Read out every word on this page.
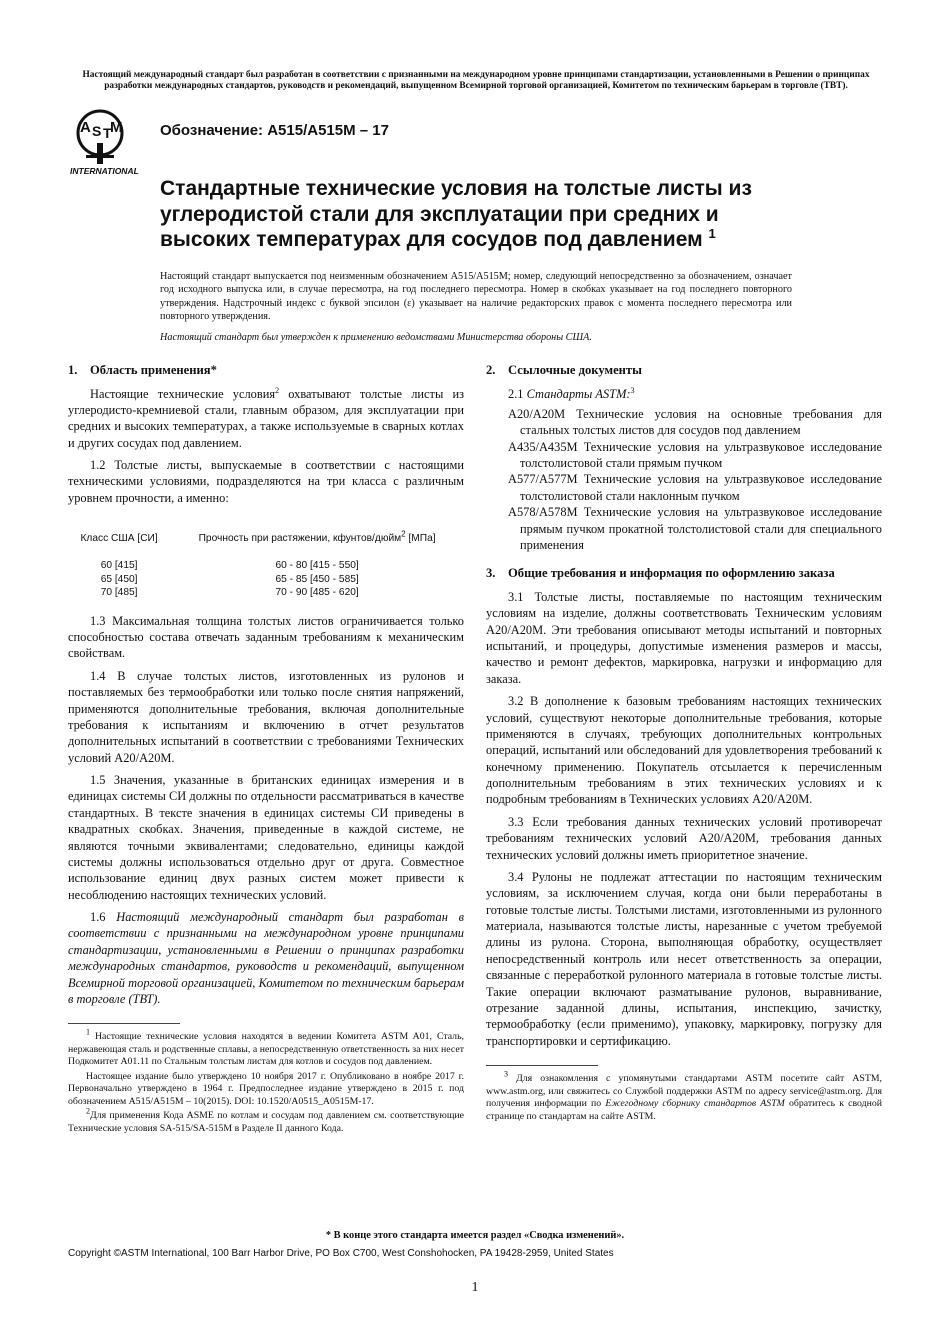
Настоящий международный стандарт был разработан в соответствии с признанными на международном уровне принципами стандартизации, установленными в Решении о принципах разработки международных стандартов, руководств и рекомендаций, выпущенном Всемирной торговой организацией, Комитетом по техническим барьерам в торговле (ТВТ).
A S T
M
INTERNATIONAL
Обозначение: A515/A515M – 17
Стандартные технические условия на толстые листы из углеродистой стали для эксплуатации при средних и высоких температурах для сосудов под давлением $^1$
Настоящий стандарт выпускается под неизменным обозначением A515/A515M; номер, следующий непосредственно за обозначением, означает год исходного выпуска или, в случае пересмотра, на год последнего пересмотра. Номер в скобках указывает на год последнего повторного утверждения. Надстрочный индекс с буквой эпсилон (ε) указывает на наличие редакторских правок с момента последнего пересмотра или повторного утверждения.
Настоящий стандарт был утвержден к применению ведомствами Министерства обороны США.
1. Область применения*

Настоящие технические условия$^2$ охватывают толстые листы из углеродисто-кремниевой стали, главным образом, для эксплуатации при средних и высоких температурах, а также используемые в сварных котлах и других сосудах под давлением.

1.2 Толстые листы, выпускаемые в соответствии с настоящими техническими условиями, подразделяются на три класса с различным уровнем прочности, а именно:

Класс США [СИ]	Прочность при растяжении, кфунтов/дюйм$^2$ [МПа]
60 [415]	60 - 80 [415 - 550]
65 [450]	65 - 85 [450 - 585]
70 [485]	70 - 90 [485 - 620]

1.3 Максимальная толщина толстых листов ограничивается только способностью состава отвечать заданным требованиям к механическим свойствам.

1.4 В случае толстых листов, изготовленных из рулонов и поставляемых без термообработки или только после снятия напряжений, применяются дополнительные требования, включая дополнительные требования к испытаниям и включению в отчет результатов дополнительных испытаний в соответствии с требованиями Технических условий A20/A20M.

1.5 Значения, указанные в британских единицах измерения и в единицах системы СИ должны по отдельности рассматриваться в качестве стандартных. В тексте значения в единицах системы СИ приведены в квадратных скобках. Значения, приведенные в каждой системе, не являются точными эквивалентами; следовательно, единицы каждой системы должны использоваться отдельно друг от друга. Совместное использование единиц двух разных систем может привести к несоблюдению настоящих технических условий.

1.6 Настоящий международный стандарт был разработан в соответствии с признанными на международном уровне принципами стандартизации, установленными в Решении о принципах разработки международных стандартов, руководств и рекомендаций, выпущенном Всемирной торговой организацией, Комитетом по техническим барьерам в торговле (ТВТ).

$^1$ Настоящие технические условия находятся в ведении Комитета ASTM A01, Сталь, нержавеющая сталь и родственные сплавы, а непосредственную ответственность за них несет Подкомитет A01.11 по Стальным толстым листам для котлов и сосудов под давлением.

Настоящее издание было утверждено 10 ноября 2017 г. Опубликовано в ноябре 2017 г. Первоначально утверждено в 1964 г. Предпоследнее издание утверждено в 2015 г. под обозначением A515/A515M – 10(2015). DOI: 10.1520/A0515_A0515M-17.

$^2$Для применения Кода ASME по котлам и сосудам под давлением см. соответствующие Технические условия SA-515/SA-515M в Разделе II данного Кода.

2. Ссылочные документы

2.1 Стандарты ASTM:$^3$

A20/A20M Технические условия на основные требования для стальных толстых листов для сосудов под давлением

A435/A435M Технические условия на ультразвуковое исследование толстолистовой стали прямым пучком

A577/A577M Технические условия на ультразвуковое исследование толстолистовой стали наклонным пучком

A578/A578M Технические условия на ультразвуковое исследование прямым пучком прокатной толстолистовой стали для специального применения

3. Общие требования и информация по оформлению заказа

3.1 Толстые листы, поставляемые по настоящим техническим условиям на изделие, должны соответствовать Техническим условиям A20/A20M. Эти требования описывают методы испытаний и повторных испытаний, и процедуры, допустимые изменения размеров и массы, качество и ремонт дефектов, маркировка, нагрузки и информацию для заказа.

3.2 В дополнение к базовым требованиям настоящих технических условий, существуют некоторые дополнительные требования, которые применяются в случаях, требующих дополнительных контрольных операций, испытаний или обследований для удовлетворения требований к конечному применению. Покупатель отсылается к перечисленным дополнительным требованиям в этих технических условиях и к подробным требованиям в Технических условиях A20/A20M.

3.3 Если требования данных технических условий противоречат требованиям технических условий A20/A20M, требования данных технических условий должны иметь приоритетное значение.

3.4 Рулоны не подлежат аттестации по настоящим техническим условиям, за исключением случая, когда они были переработаны в готовые толстые листы. Толстыми листами, изготовленными из рулонного материала, называются толстые листы, нарезанные с учетом требуемой длины из рулона. Сторона, выполняющая обработку, осуществляет непосредственный контроль или несет ответственность за операции, связанные с переработкой рулонного материала в готовые толстые листы. Такие операции включают разматывание рулонов, выравнивание, отрезание заданной длины, испытания, инспекцию, зачистку, термообработку (если применимо), упаковку, маркировку, погрузку для транспортировки и сертификацию.

$^3$ Для ознакомления с упомянутыми стандартами ASTM посетите сайт ASTM, www.astm.org, или свяжитесь со Службой поддержки ASTM по адресу service@astm.org. Для получения информации по Ежегодному сборнику стандартов ASTM обратитесь к сводной странице по стандартам на сайте ASTM.

* В конце этого стандарта имеется раздел «Сводка изменений».
Copyright ©ASTM International, 100 Barr Harbor Drive, PO Box C700, West Conshohocken, PA 19428-2959, United States
1
